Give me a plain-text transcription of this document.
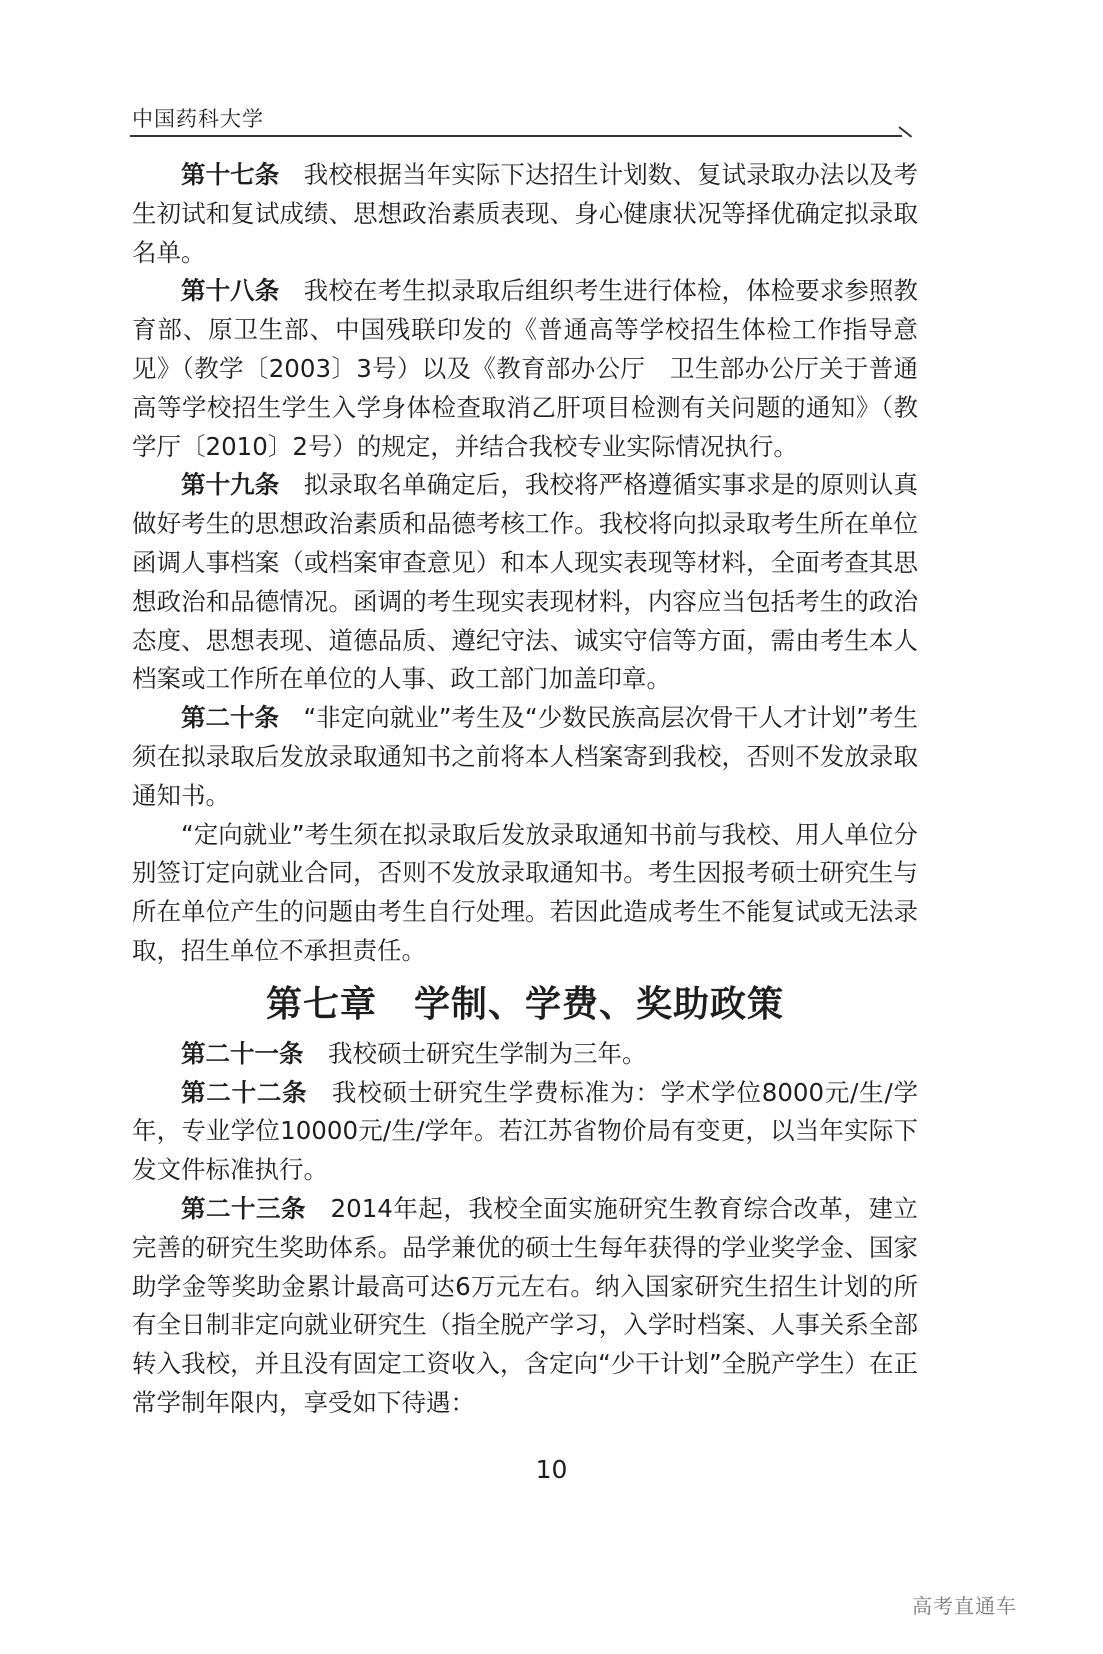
中国药科大学

第十七条 我校根据当年实际下达招生计划数、复试录取办法以及考生初试和复试成绩、思想政治素质表现、身心健康状况等择优确定拟录取名单。

第十八条 我校在考生拟录取后组织考生进行体检，体检要求参照教育部、原卫生部、中国残联印发的《普通高等学校招生体检工作指导意见》（教学〔2003〕3号）以及《教育部办公厅　卫生部办公厅关于普通高等学校招生学生入学身体检查取消乙肝项目检测有关问题的通知》（教学厅〔2010〕2号）的规定，并结合我校专业实际情况执行。

第十九条 拟录取名单确定后，我校将严格遵循实事求是的原则认真做好考生的思想政治素质和品德考核工作。我校将向拟录取考生所在单位函调人事档案（或档案审查意见）和本人现实表现等材料，全面考查其思想政治和品德情况。函调的考生现实表现材料，内容应当包括考生的政治态度、思想表现、道德品质、遵纪守法、诚实守信等方面，需由考生本人档案或工作所在单位的人事、政工部门加盖印章。

第二十条 “非定向就业”考生及“少数民族高层次骨干人才计划”考生须在拟录取后发放录取通知书之前将本人档案寄到我校，否则不发放录取通知书。

“定向就业”考生须在拟录取后发放录取通知书前与我校、用人单位分别签订定向就业合同，否则不发放录取通知书。考生因报考硕士研究生与所在单位产生的问题由考生自行处理。若因此造成考生不能复试或无法录取，招生单位不承担责任。

第七章　学制、学费、奖助政策

第二十一条 我校硕士研究生学制为三年。

第二十二条 我校硕士研究生学费标准为：学术学位8000元/生/学年，专业学位10000元/生/学年。若江苏省物价局有变更，以当年实际下发文件标准执行。

第二十三条 2014年起，我校全面实施研究生教育综合改革，建立完善的研究生奖助体系。品学兼优的硕士生每年获得的学业奖学金、国家助学金等奖助金累计最高可达6万元左右。纳入国家研究生招生计划的所有全日制非定向就业研究生（指全脱产学习，入学时档案、人事关系全部转入我校，并且没有固定工资收入，含定向“少干计划”全脱产学生）在正常学制年限内，享受如下待遇：

10
高考直通车
